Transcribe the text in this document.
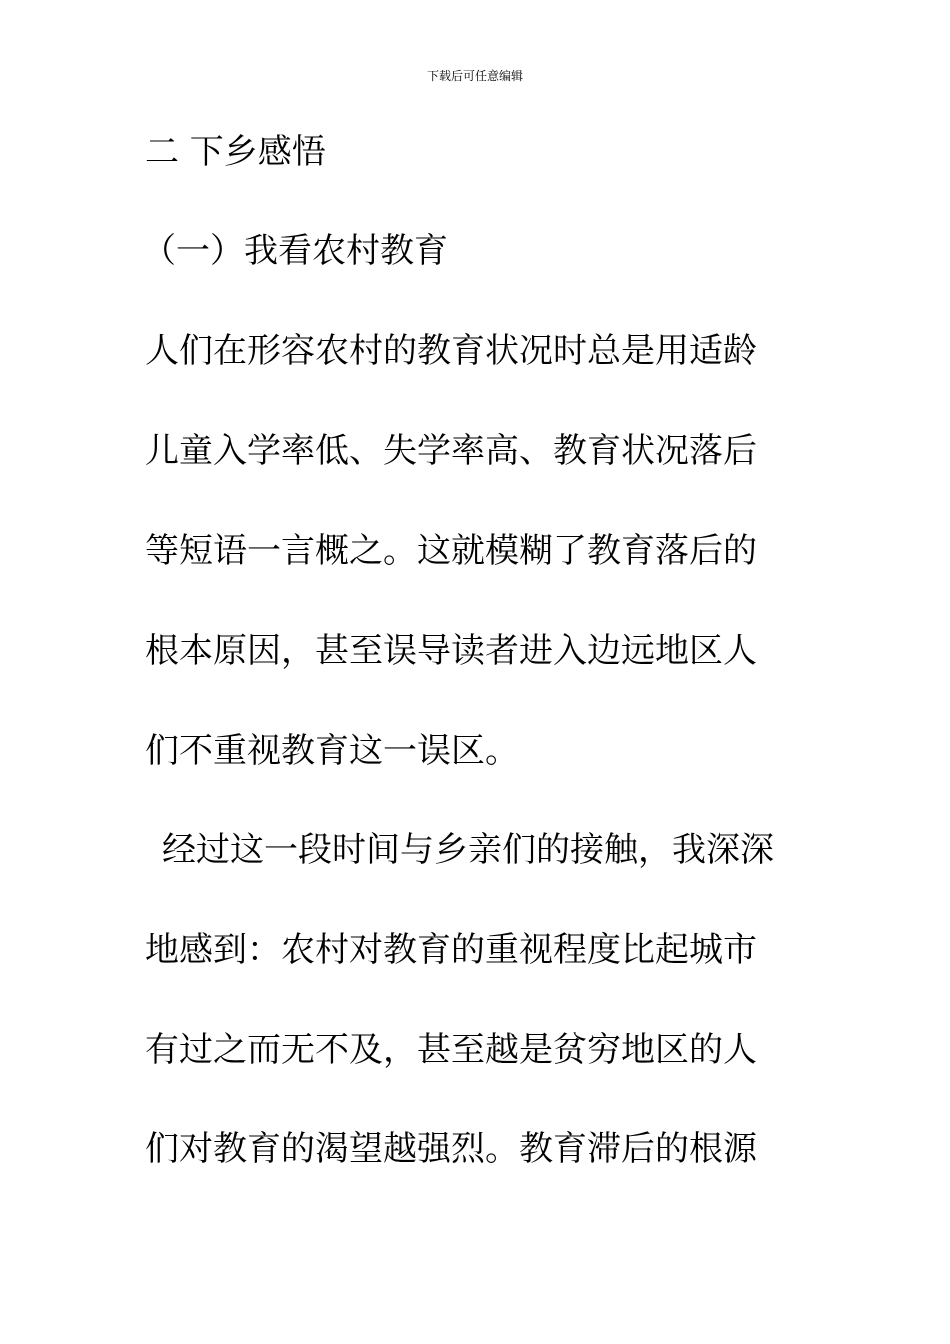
下载后可任意编辑
二 下乡感悟
（一）我看农村教育
人们在形容农村的教育状况时总是用适龄
儿童入学率低、失学率高、教育状况落后
等短语一言概之。这就模糊了教育落后的
根本原因，甚至误导读者进入边远地区人
们不重视教育这一误区。
经过这一段时间与乡亲们的接触，我深深
地感到：农村对教育的重视程度比起城市
有过之而无不及，甚至越是贫穷地区的人
们对教育的渴望越强烈。教育滞后的根源
